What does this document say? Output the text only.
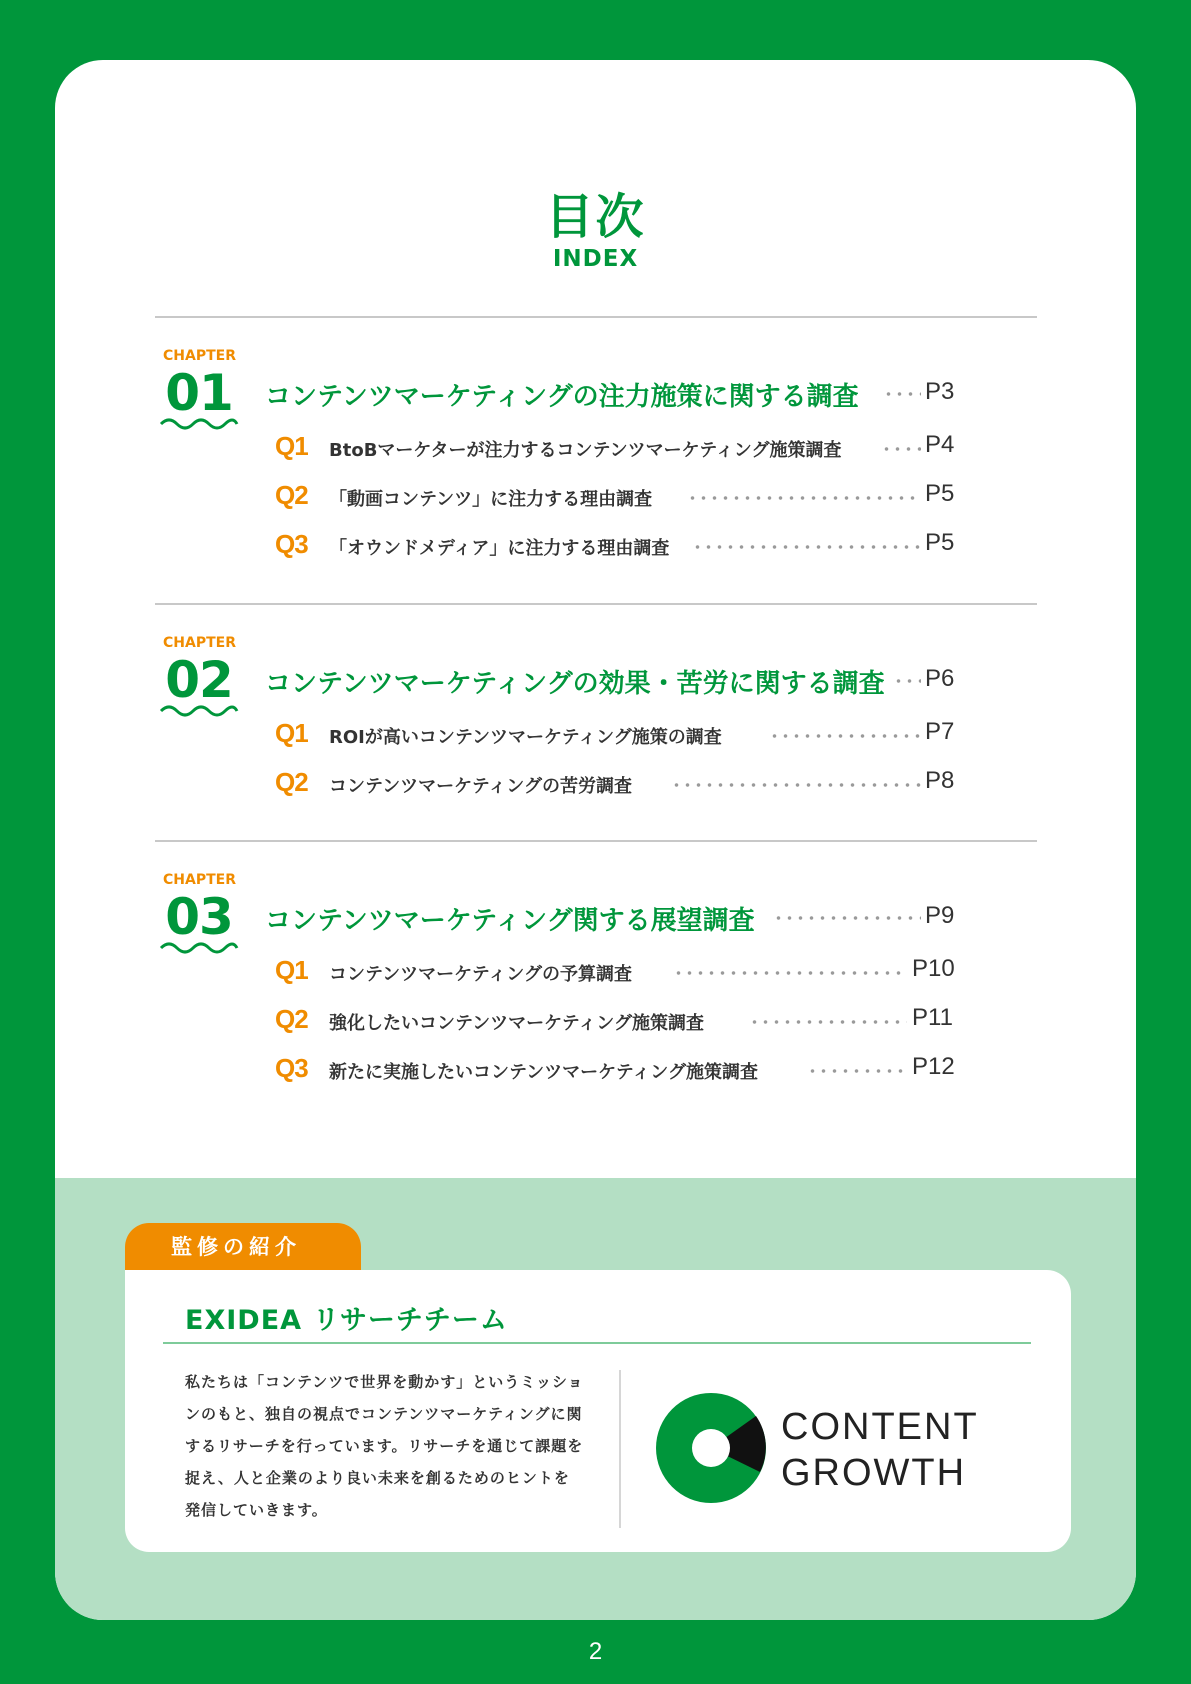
目次
INDEX
CHAPTER
01 コンテンツマーケティングの注力施策に関する調査	P3
Q1 BtoBマーケターが注力するコンテンツマーケティング施策調査	P4
Q2 「動画コンテンツ」に注力する理由調査	P5
Q3 「オウンドメディア」に注力する理由調査	P5
CHAPTER
02 コンテンツマーケティングの効果・苦労に関する調査 P6
Q1 ROIが高いコンテンツマーケティング施策の調査	P7
Q2 コンテンツマーケティングの苦労調査	P8
CHAPTER
03 コンテンツマーケティング関する展望調査	P9
Q1 コンテンツマーケティングの予算調査	P10
Q2 強化したいコンテンツマーケティング施策調査	P11
Q3 新たに実施したいコンテンツマーケティング施策調査	P12
監修の紹介
EXIDEA リサーチチーム

私たちは「コンテンツで世界を動かす」というミッションのもと、独自の視点でコンテンツマーケティングに関するリサーチを行っています。リサーチを通じて課題を捉え、人と企業のより良い未来を創るためのヒントを発信していきます。

CONTENT
GROWTH
2
